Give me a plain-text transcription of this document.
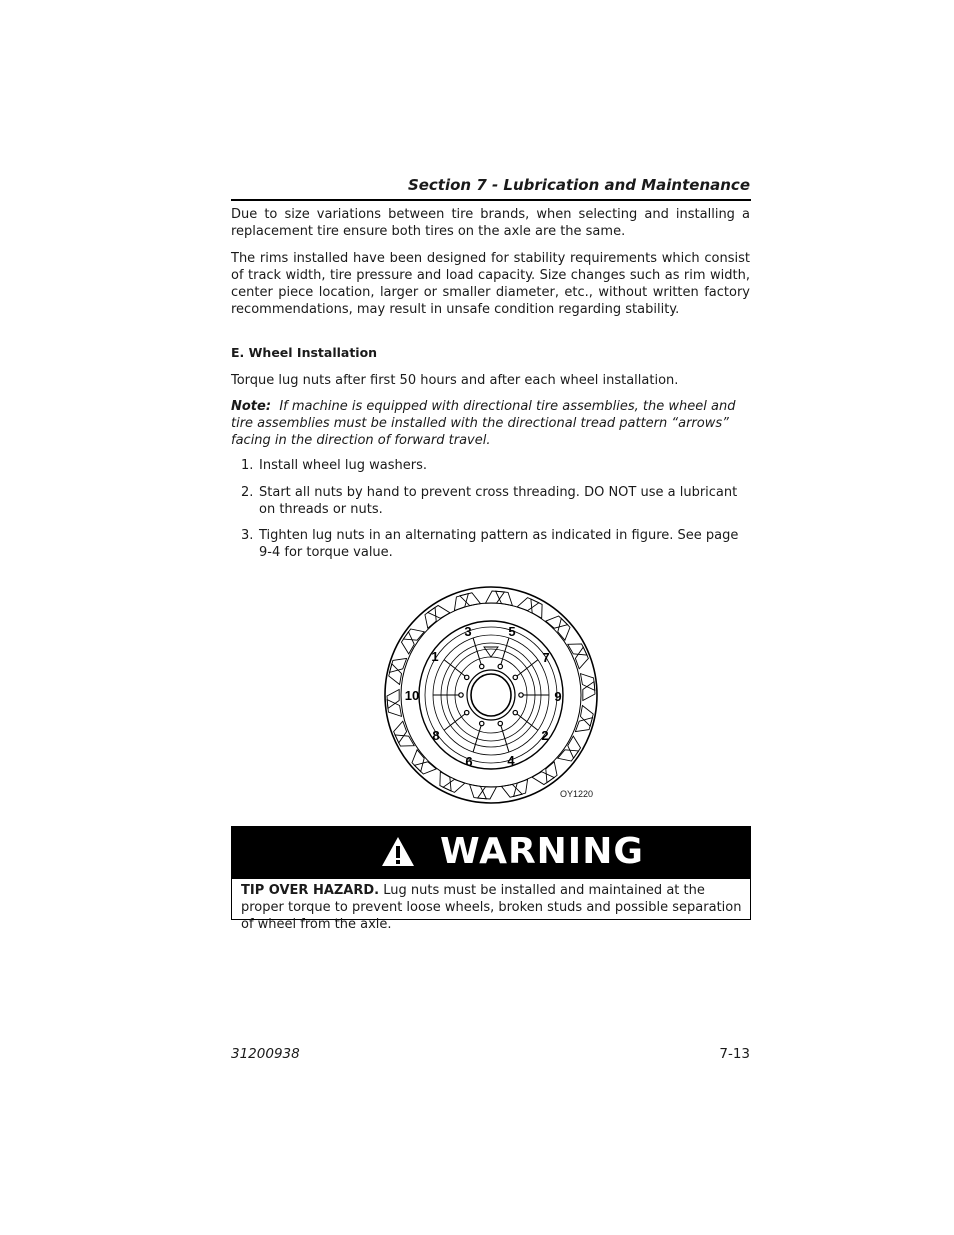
Section 7 - Lubrication and Maintenance

Due to size variations between tire brands, when selecting and installing a replacement tire ensure both tires on the axle are the same.

The rims installed have been designed for stability requirements which consist of track width, tire pressure and load capacity. Size changes such as rim width, center piece location, larger or smaller diameter, etc., without written factory recommendations, may result in unsafe condition regarding stability.

E. Wheel Installation

Torque lug nuts after first 50 hours and after each wheel installation.

Note: If machine is equipped with directional tire assemblies, the wheel and tire assemblies must be installed with the directional tread pattern “arrows” facing in the direction of forward travel.
1. Install wheel lug washers.
2. Start all nuts by hand to prevent cross threading. DO NOT use a lubricant on threads or nuts.
3. Tighten lug nuts in an alternating pattern as indicated in figure. See page 9-4 for torque value.
10
1
3	5
7
9
2
4
6
8
OY1220
WARNING
TIP OVER HAZARD. Lug nuts must be installed and maintained at the proper torque to prevent loose wheels, broken studs and possible separation of wheel from the axle.
31200938	7-13
